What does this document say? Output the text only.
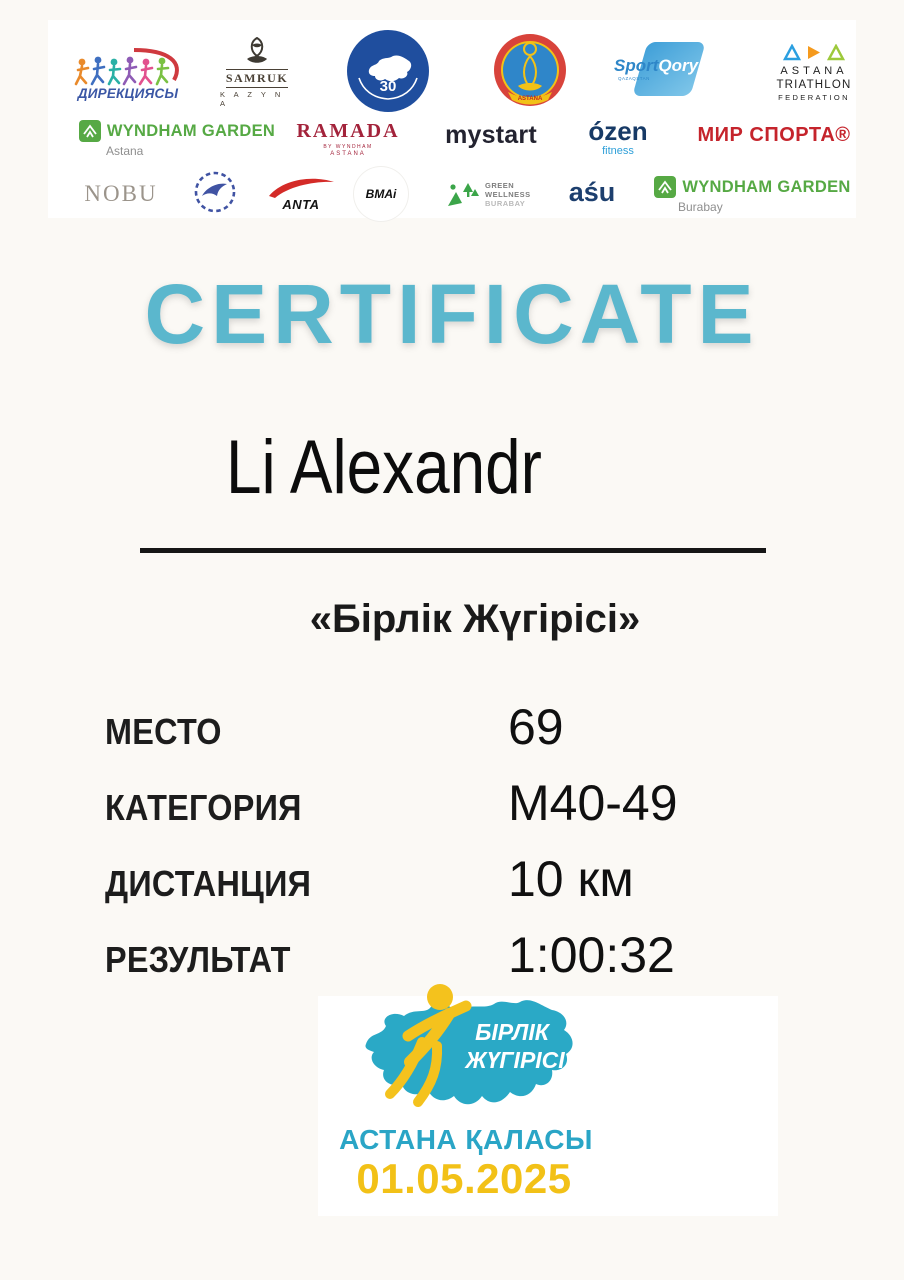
ДИРЕКЦИЯСЫ
SAMRUK
K A Z Y N A
30
ASTANA
SportQory
QAZAQSTAN
ASTANA
TRIATHLON
FEDERATION
WYNDHAM GARDEN
Astana
RAMADA
BY WYNDHAM
ASTANA
mystart ózen
fitness
МИР СПОРТА®
NOBU	ANTA
BMAi
GREEN
WELLNESS
BURABAY aśu	WYNDHAM GARDEN
Burabay
CERTIFICATE
Li Alexandr
«Бірлік Жүгірісі»
МЕСТО	69
КАТЕГОРИЯ	M40-49
ДИСТАНЦИЯ	10 км
РЕЗУЛЬТАТ	1:00:32
БІРЛІК
ЖҮГІРІСІ
АСТАНА ҚАЛАСЫ
01.05.2025
